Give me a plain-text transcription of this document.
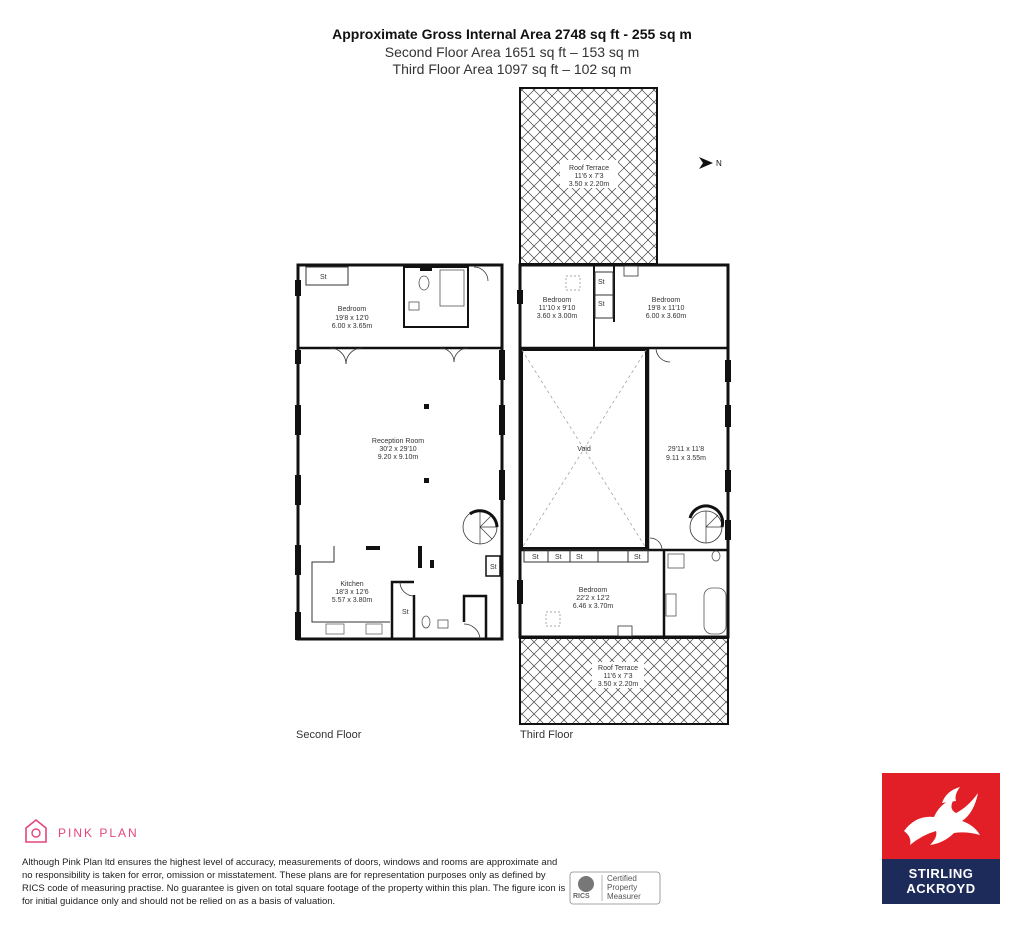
Approximate Gross Internal Area 2748 sq ft - 255 sq m
Second Floor Area 1651 sq ft – 153 sq m
Third Floor Area 1097 sq ft – 102 sq m
St
St
St
Bedroom
19'8 x 12'0
6.00 x 3.65m
Reception Room
30'2 x 29'10
9.20 x 9.10m
Kitchen
18'3 x 12'6
5.57 x 3.80m
Roof Terrace
11'6 x 7'3
3.50 x 2.20m
St
St
St St St	St
Roof Terrace
11'6 x 7'3
3.50 x 2.20m
Bedroom
11'10 x 9'10
3.60 x 3.00m
Bedroom
19'8 x 11'10
6.00 x 3.60m
Void	29'11 x 11'8
9.11 x 3.55m
Bedroom
22'2 x 12'2
6.46 x 3.70m
N
Second Floor	Third Floor
PINK PLAN
Although Pink Plan ltd ensures the highest level of accuracy, measurements of doors, windows and rooms are approximate and no responsibility is taken for error, omission or misstatement. These plans are for representation purposes only as defined by RICS code of measuring practise. No guarantee is given on total square footage of the property within this plan. The figure icon is for initial guidance only and should not be relied on as a basis of valuation.	RICS
Certified
Property
Measurer
STIRLING
ACKROYD
